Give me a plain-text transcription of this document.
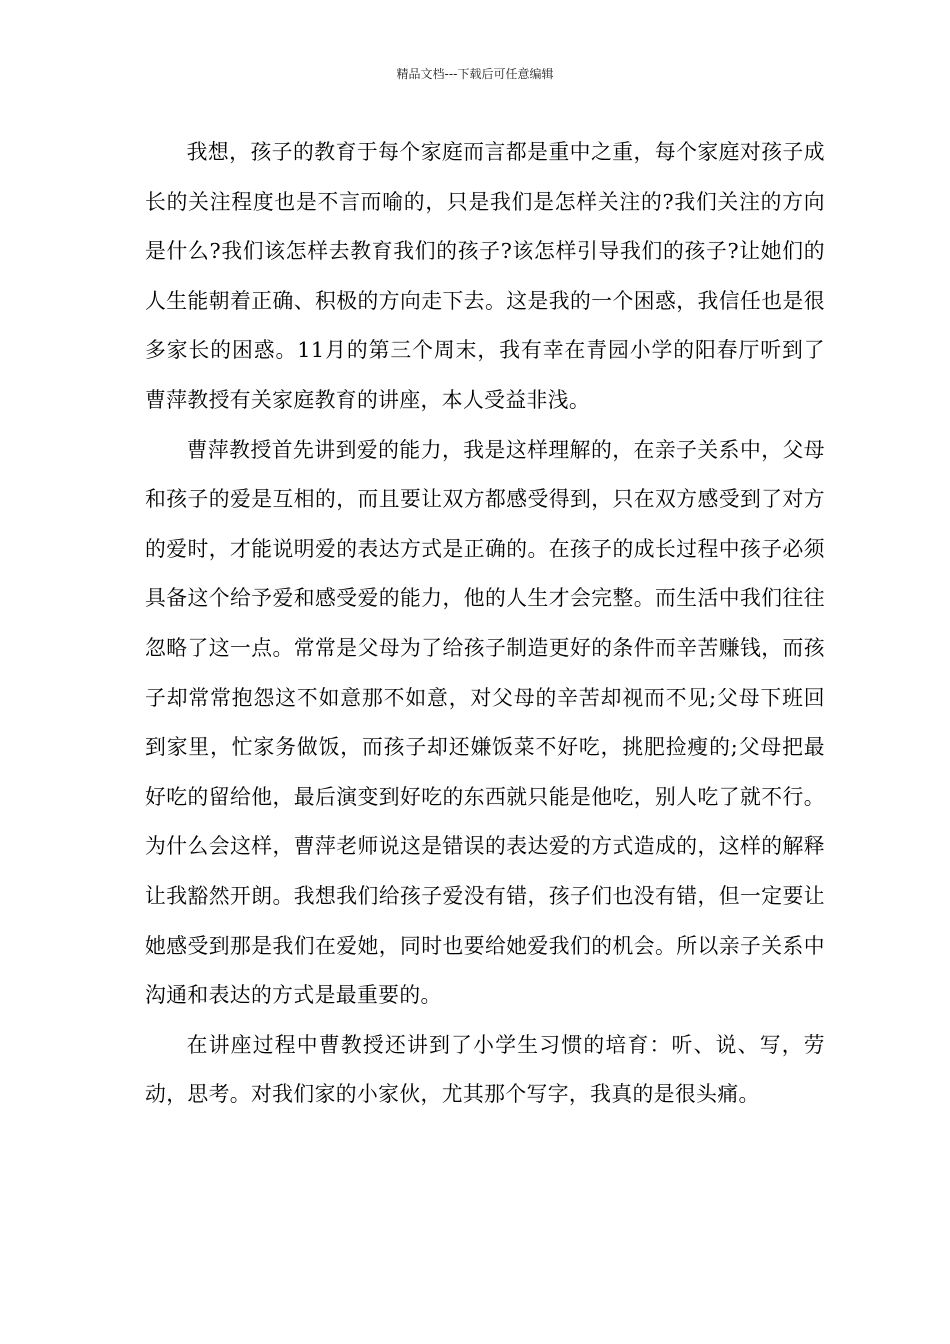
精品文档---下载后可任意编辑

我想，孩子的教育于每个家庭而言都是重中之重，每个家庭对孩子成长的关注程度也是不言而喻的，只是我们是怎样关注的?我们关注的方向是什么?我们该怎样去教育我们的孩子?该怎样引导我们的孩子?让她们的人生能朝着正确、积极的方向走下去。这是我的一个困惑，我信任也是很多家长的困惑。11月的第三个周末，我有幸在青园小学的阳春厅听到了曹萍教授有关家庭教育的讲座，本人受益非浅。

曹萍教授首先讲到爱的能力，我是这样理解的，在亲子关系中，父母和孩子的爱是互相的，而且要让双方都感受得到，只在双方感受到了对方的爱时，才能说明爱的表达方式是正确的。在孩子的成长过程中孩子必须具备这个给予爱和感受爱的能力，他的人生才会完整。而生活中我们往往忽略了这一点。常常是父母为了给孩子制造更好的条件而辛苦赚钱，而孩子却常常抱怨这不如意那不如意，对父母的辛苦却视而不见;父母下班回到家里，忙家务做饭，而孩子却还嫌饭菜不好吃，挑肥捡瘦的;父母把最好吃的留给他，最后演变到好吃的东西就只能是他吃，别人吃了就不行。为什么会这样，曹萍老师说这是错误的表达爱的方式造成的，这样的解释让我豁然开朗。我想我们给孩子爱没有错，孩子们也没有错，但一定要让她感受到那是我们在爱她，同时也要给她爱我们的机会。所以亲子关系中沟通和表达的方式是最重要的。

在讲座过程中曹教授还讲到了小学生习惯的培育：听、说、写，劳动，思考。对我们家的小家伙，尤其那个写字，我真的是很头痛。
